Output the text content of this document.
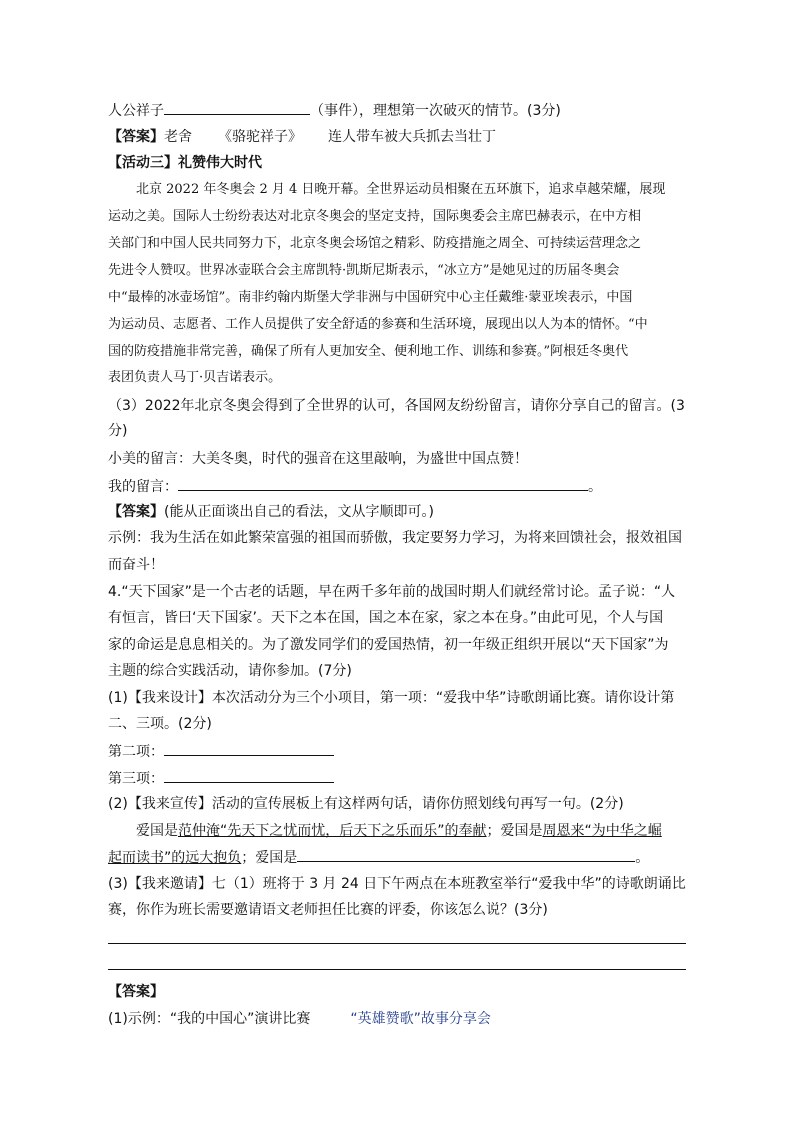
人公祥子	（事件），理想第一次破灭的情节。(3分)
【答案】老舍 《骆驼祥子》 连人带车被大兵抓去当壮丁
【活动三】礼赞伟大时代
北京 2022 年冬奥会 2 月 4 日晚开幕。全世界运动员相聚在五环旗下，追求卓越荣耀，展现
运动之美。国际人士纷纷表达对北京冬奥会的坚定支持，国际奥委会主席巴赫表示，在中方相
关部门和中国人民共同努力下，北京冬奥会场馆之精彩、防疫措施之周全、可持续运营理念之
先进令人赞叹。世界冰壶联合会主席凯特·凯斯尼斯表示，“冰立方”是她见过的历届冬奥会
中“最棒的冰壶场馆”。南非约翰内斯堡大学非洲与中国研究中心主任戴维·蒙亚埃表示，中国
为运动员、志愿者、工作人员提供了安全舒适的参赛和生活环境，展现出以人为本的情怀。“中
国的防疫措施非常完善，确保了所有人更加安全、便利地工作、训练和参赛。”阿根廷冬奥代
表团负责人马丁·贝吉诺表示。
（3）2022年北京冬奥会得到了全世界的认可，各国网友纷纷留言，请你分享自己的留言。(3
分)
小美的留言：大美冬奥，时代的强音在这里敲响，为盛世中国点赞！
我的留言：	。
【答案】(能从正面谈出自己的看法，文从字顺即可。)
示例：我为生活在如此繁荣富强的祖国而骄傲，我定要努力学习，为将来回馈社会，报效祖国
而奋斗！
4.“天下国家”是一个古老的话题，早在两千多年前的战国时期人们就经常讨论。孟子说：“人
有恒言，皆曰‘天下国家’。天下之本在国，国之本在家，家之本在身。”由此可见，个人与国
家的命运是息息相关的。为了激发同学们的爱国热情，初一年级正组织开展以“天下国家”为
主题的综合实践活动，请你参加。(7分)
(1)【我来设计】本次活动分为三个小项目，第一项：“爱我中华”诗歌朗诵比赛。请你设计第
二、三项。(2分)
第二项：
第三项：
(2)【我来宣传】活动的宣传展板上有这样两句话，请你仿照划线句再写一句。(2分)
爱国是范仲淹“先天下之忧而忧，后天下之乐而乐”的奉献；爱国是周恩来“为中华之崛
起而读书”的远大抱负；爱国是	。
(3)【我来邀请】七（1）班将于 3 月 24 日下午两点在本班教室举行“爱我中华”的诗歌朗诵比
赛，你作为班长需要邀请语文老师担任比赛的评委，你该怎么说？(3分)
【答案】
(1)示例：“我的中国心”演讲比赛	“英雄赞歌”故事分享会
